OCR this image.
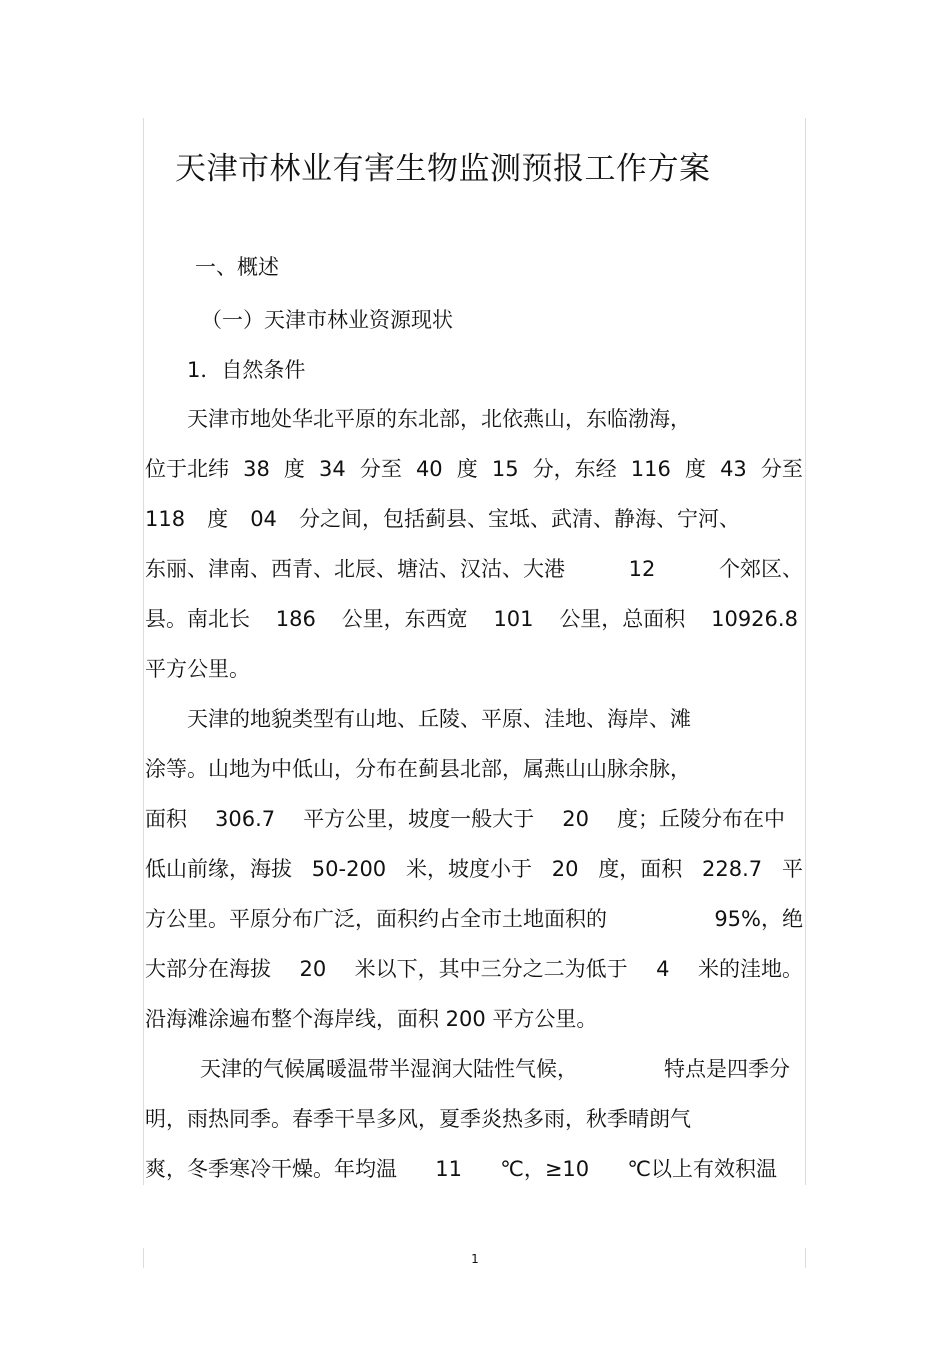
天津市林业有害生物监测预报工作方案
一、概述
（一）天津市林业资源现状
1．自然条件
天津市地处华北平原的东北部，北依燕山，东临渤海，
位于北纬 38 度 34 分至 40 度 15 分，东经 116 度 43 分至
118 度 04 分之间，包括蓟县、宝坻、武清、静海、宁河、
东丽、津南、西青、北辰、塘沽、汉沽、大港	12	个郊区、
县。南北长 186 公里，东西宽 101 公里，总面积 10926.8
平方公里。
天津的地貌类型有山地、丘陵、平原、洼地、海岸、滩
涂等。山地为中低山，分布在蓟县北部，属燕山山脉余脉，
面积 306.7 平方公里，坡度一般大于 20 度；丘陵分布在中
低山前缘，海拔 50-200 米，坡度小于 20 度，面积 228.7 平
方公里。平原分布广泛，面积约占全市土地面积的	95%，绝
大部分在海拔 20 米以下，其中三分之二为低于 4 米的洼地。
沿海滩涂遍布整个海岸线，面积 200 平方公里。
天津的气候属暖温带半湿润大陆性气候，	特点是四季分
明，雨热同季。春季干旱多风，夏季炎热多雨，秋季晴朗气
爽，冬季寒冷干燥。年均温 11 ℃，≥10 ℃以上有效积温
1
